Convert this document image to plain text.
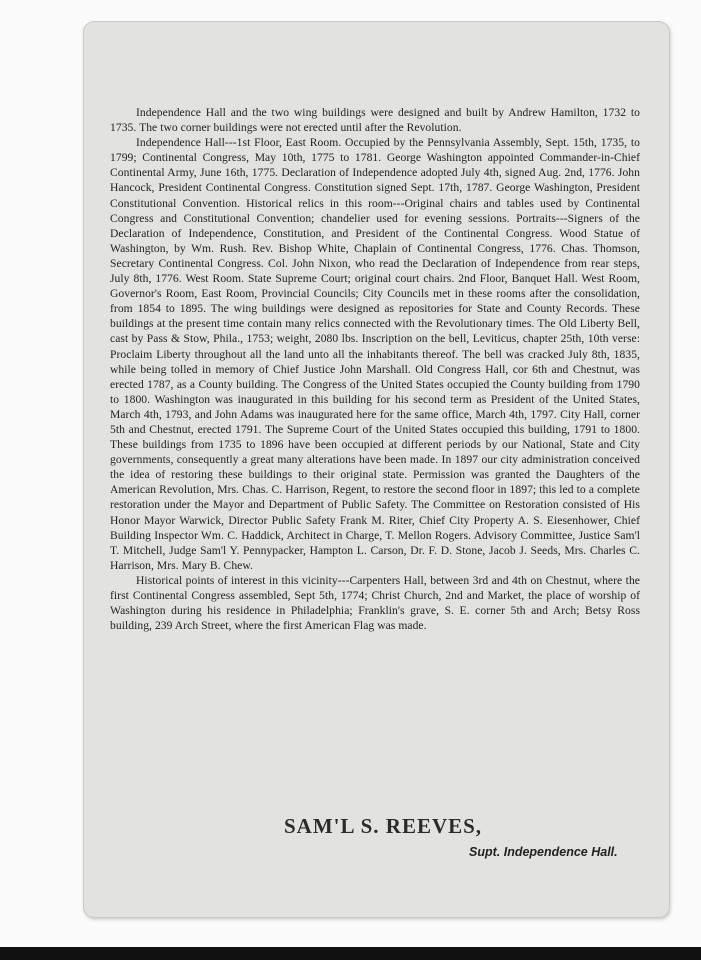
Independence Hall and the two wing buildings were designed and built by Andrew Hamilton, 1732 to 1735. The two corner buildings were not erected until after the Revolution.

Independence Hall---1st Floor, East Room. Occupied by the Pennsylvania Assembly, Sept. 15th, 1735, to 1799; Continental Congress, May 10th, 1775 to 1781. George Washington appointed Commander-in-Chief Continental Army, June 16th, 1775. Declaration of Independence adopted July 4th, signed Aug. 2nd, 1776. John Hancock, President Continental Congress. Constitution signed Sept. 17th, 1787. George Washington, President Constitutional Convention. Historical relics in this room---Original chairs and tables used by Continental Congress and Constitutional Convention; chandelier used for evening sessions. Portraits---Signers of the Declaration of Independence, Constitution, and President of the Continental Congress. Wood Statue of Washington, by Wm. Rush. Rev. Bishop White, Chaplain of Continental Congress, 1776. Chas. Thomson, Secretary Continental Congress. Col. John Nixon, who read the Declaration of Independence from rear steps, July 8th, 1776. West Room. State Supreme Court; original court chairs. 2nd Floor, Banquet Hall. West Room, Governor's Room, East Room, Provincial Councils; City Councils met in these rooms after the consolidation, from 1854 to 1895. The wing buildings were designed as repositories for State and County Records. These buildings at the present time contain many relics connected with the Revolutionary times. The Old Liberty Bell, cast by Pass & Stow, Phila., 1753; weight, 2080 lbs. Inscription on the bell, Leviticus, chapter 25th, 10th verse: Proclaim Liberty throughout all the land unto all the inhabitants thereof. The bell was cracked July 8th, 1835, while being tolled in memory of Chief Justice John Marshall. Old Congress Hall, cor 6th and Chestnut, was erected 1787, as a County building. The Congress of the United States occupied the County building from 1790 to 1800. Washington was inaugurated in this building for his second term as President of the United States, March 4th, 1793, and John Adams was inaugurated here for the same office, March 4th, 1797. City Hall, corner 5th and Chestnut, erected 1791. The Supreme Court of the United States occupied this building, 1791 to 1800. These buildings from 1735 to 1896 have been occupied at different periods by our National, State and City governments, consequently a great many alterations have been made. In 1897 our city administration conceived the idea of restoring these buildings to their original state. Permission was granted the Daughters of the American Revolution, Mrs. Chas. C. Harrison, Regent, to restore the second floor in 1897; this led to a complete restoration under the Mayor and Department of Public Safety. The Committee on Restoration consisted of His Honor Mayor Warwick, Director Public Safety Frank M. Riter, Chief City Property A. S. Eiesenhower, Chief Building Inspector Wm. C. Haddick, Architect in Charge, T. Mellon Rogers. Advisory Committee, Justice Sam'l T. Mitchell, Judge Sam'l Y. Pennypacker, Hampton L. Carson, Dr. F. D. Stone, Jacob J. Seeds, Mrs. Charles C. Harrison, Mrs. Mary B. Chew.

Historical points of interest in this vicinity---Carpenters Hall, between 3rd and 4th on Chestnut, where the first Continental Congress assembled, Sept 5th, 1774; Christ Church, 2nd and Market, the place of worship of Washington during his residence in Philadelphia; Franklin's grave, S. E. corner 5th and Arch; Betsy Ross building, 239 Arch Street, where the first American Flag was made.

SAM'L S. REEVES,
Supt. Independence Hall.
